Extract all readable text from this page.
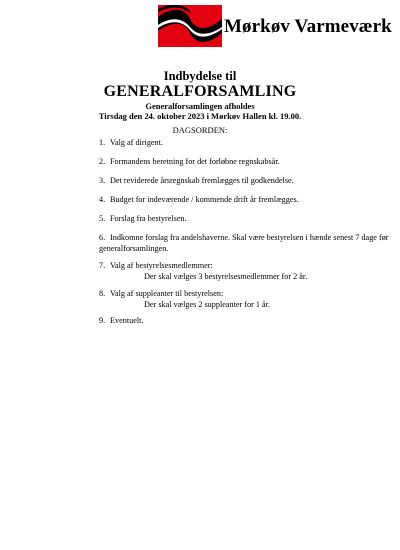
Mørkøv Varmeværk
Indbydelse til
GENERALFORSAMLING
Generalforsamlingen afholdes
Tirsdag den 24. oktober 2023 i Mørkøv Hallen kl. 19.00.
DAGSORDEN:
1. Valg af dirigent.
2. Formandens beretning for det forløbne regnskabsår.
3. Det reviderede årsregnskab fremlægges til godkendelse.
4. Budget for indeværende / kommende drift år fremlægges.
5. Forslag fra bestyrelsen.
6. Indkomne forslag fra andelshaverne. Skal være bestyrelsen i hænde senest 7 dage før generalforsamlingen.
7. Valg af bestyrelsesmedlemmer:
Der skal vælges 3 bestyrelsesmedlemmer for 2 år.
8. Valg af suppleanter til bestyrelsen:
Der skal vælges 2 suppleanter for 1 år.
9. Eventuelt.
